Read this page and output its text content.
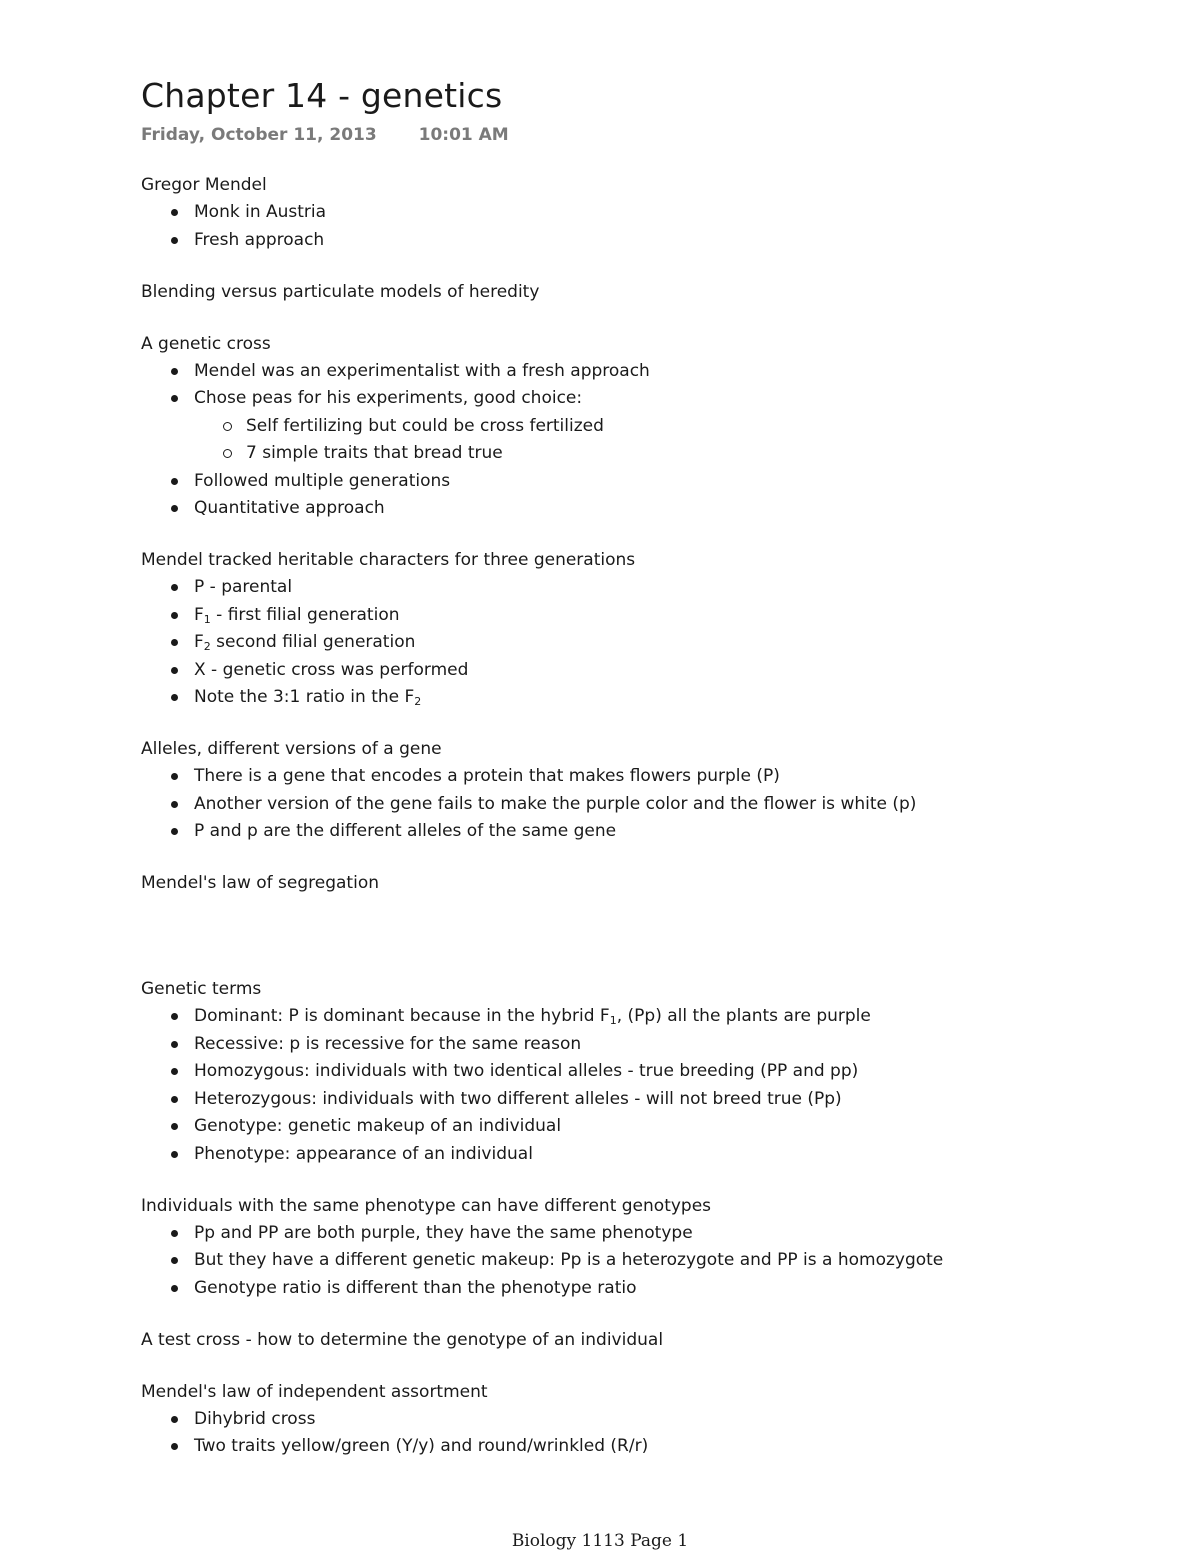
Chapter 14 - genetics
Friday, October 11, 2013 10:01 AM

Gregor Mendel

Monk in Austria
Fresh approach

Blending versus particulate models of heredity

A genetic cross

Mendel was an experimentalist with a fresh approach
Chose peas for his experiments, good choice:
Self fertilizing but could be cross fertilized
7 simple traits that bread true
Followed multiple generations
Quantitative approach

Mendel tracked heritable characters for three generations

P - parental
$F_1$ - first filial generation
$F_2$ second filial generation
X - genetic cross was performed
Note the 3:1 ratio in the $F_2$

Alleles, different versions of a gene

There is a gene that encodes a protein that makes flowers purple (P)
Another version of the gene fails to make the purple color and the flower is white (p)
P and p are the different alleles of the same gene

Mendel's law of segregation

Genetic terms

Dominant: P is dominant because in the hybrid $F_1$, (Pp) all the plants are purple
Recessive: p is recessive for the same reason
Homozygous: individuals with two identical alleles - true breeding (PP and pp)
Heterozygous: individuals with two different alleles - will not breed true (Pp)
Genotype: genetic makeup of an individual
Phenotype: appearance of an individual

Individuals with the same phenotype can have different genotypes

Pp and PP are both purple, they have the same phenotype
But they have a different genetic makeup: Pp is a heterozygote and PP is a homozygote
Genotype ratio is different than the phenotype ratio

A test cross - how to determine the genotype of an individual

Mendel's law of independent assortment

Dihybrid cross
Two traits yellow/green (Y/y) and round/wrinkled (R/r)
Biology 1113 Page 1
